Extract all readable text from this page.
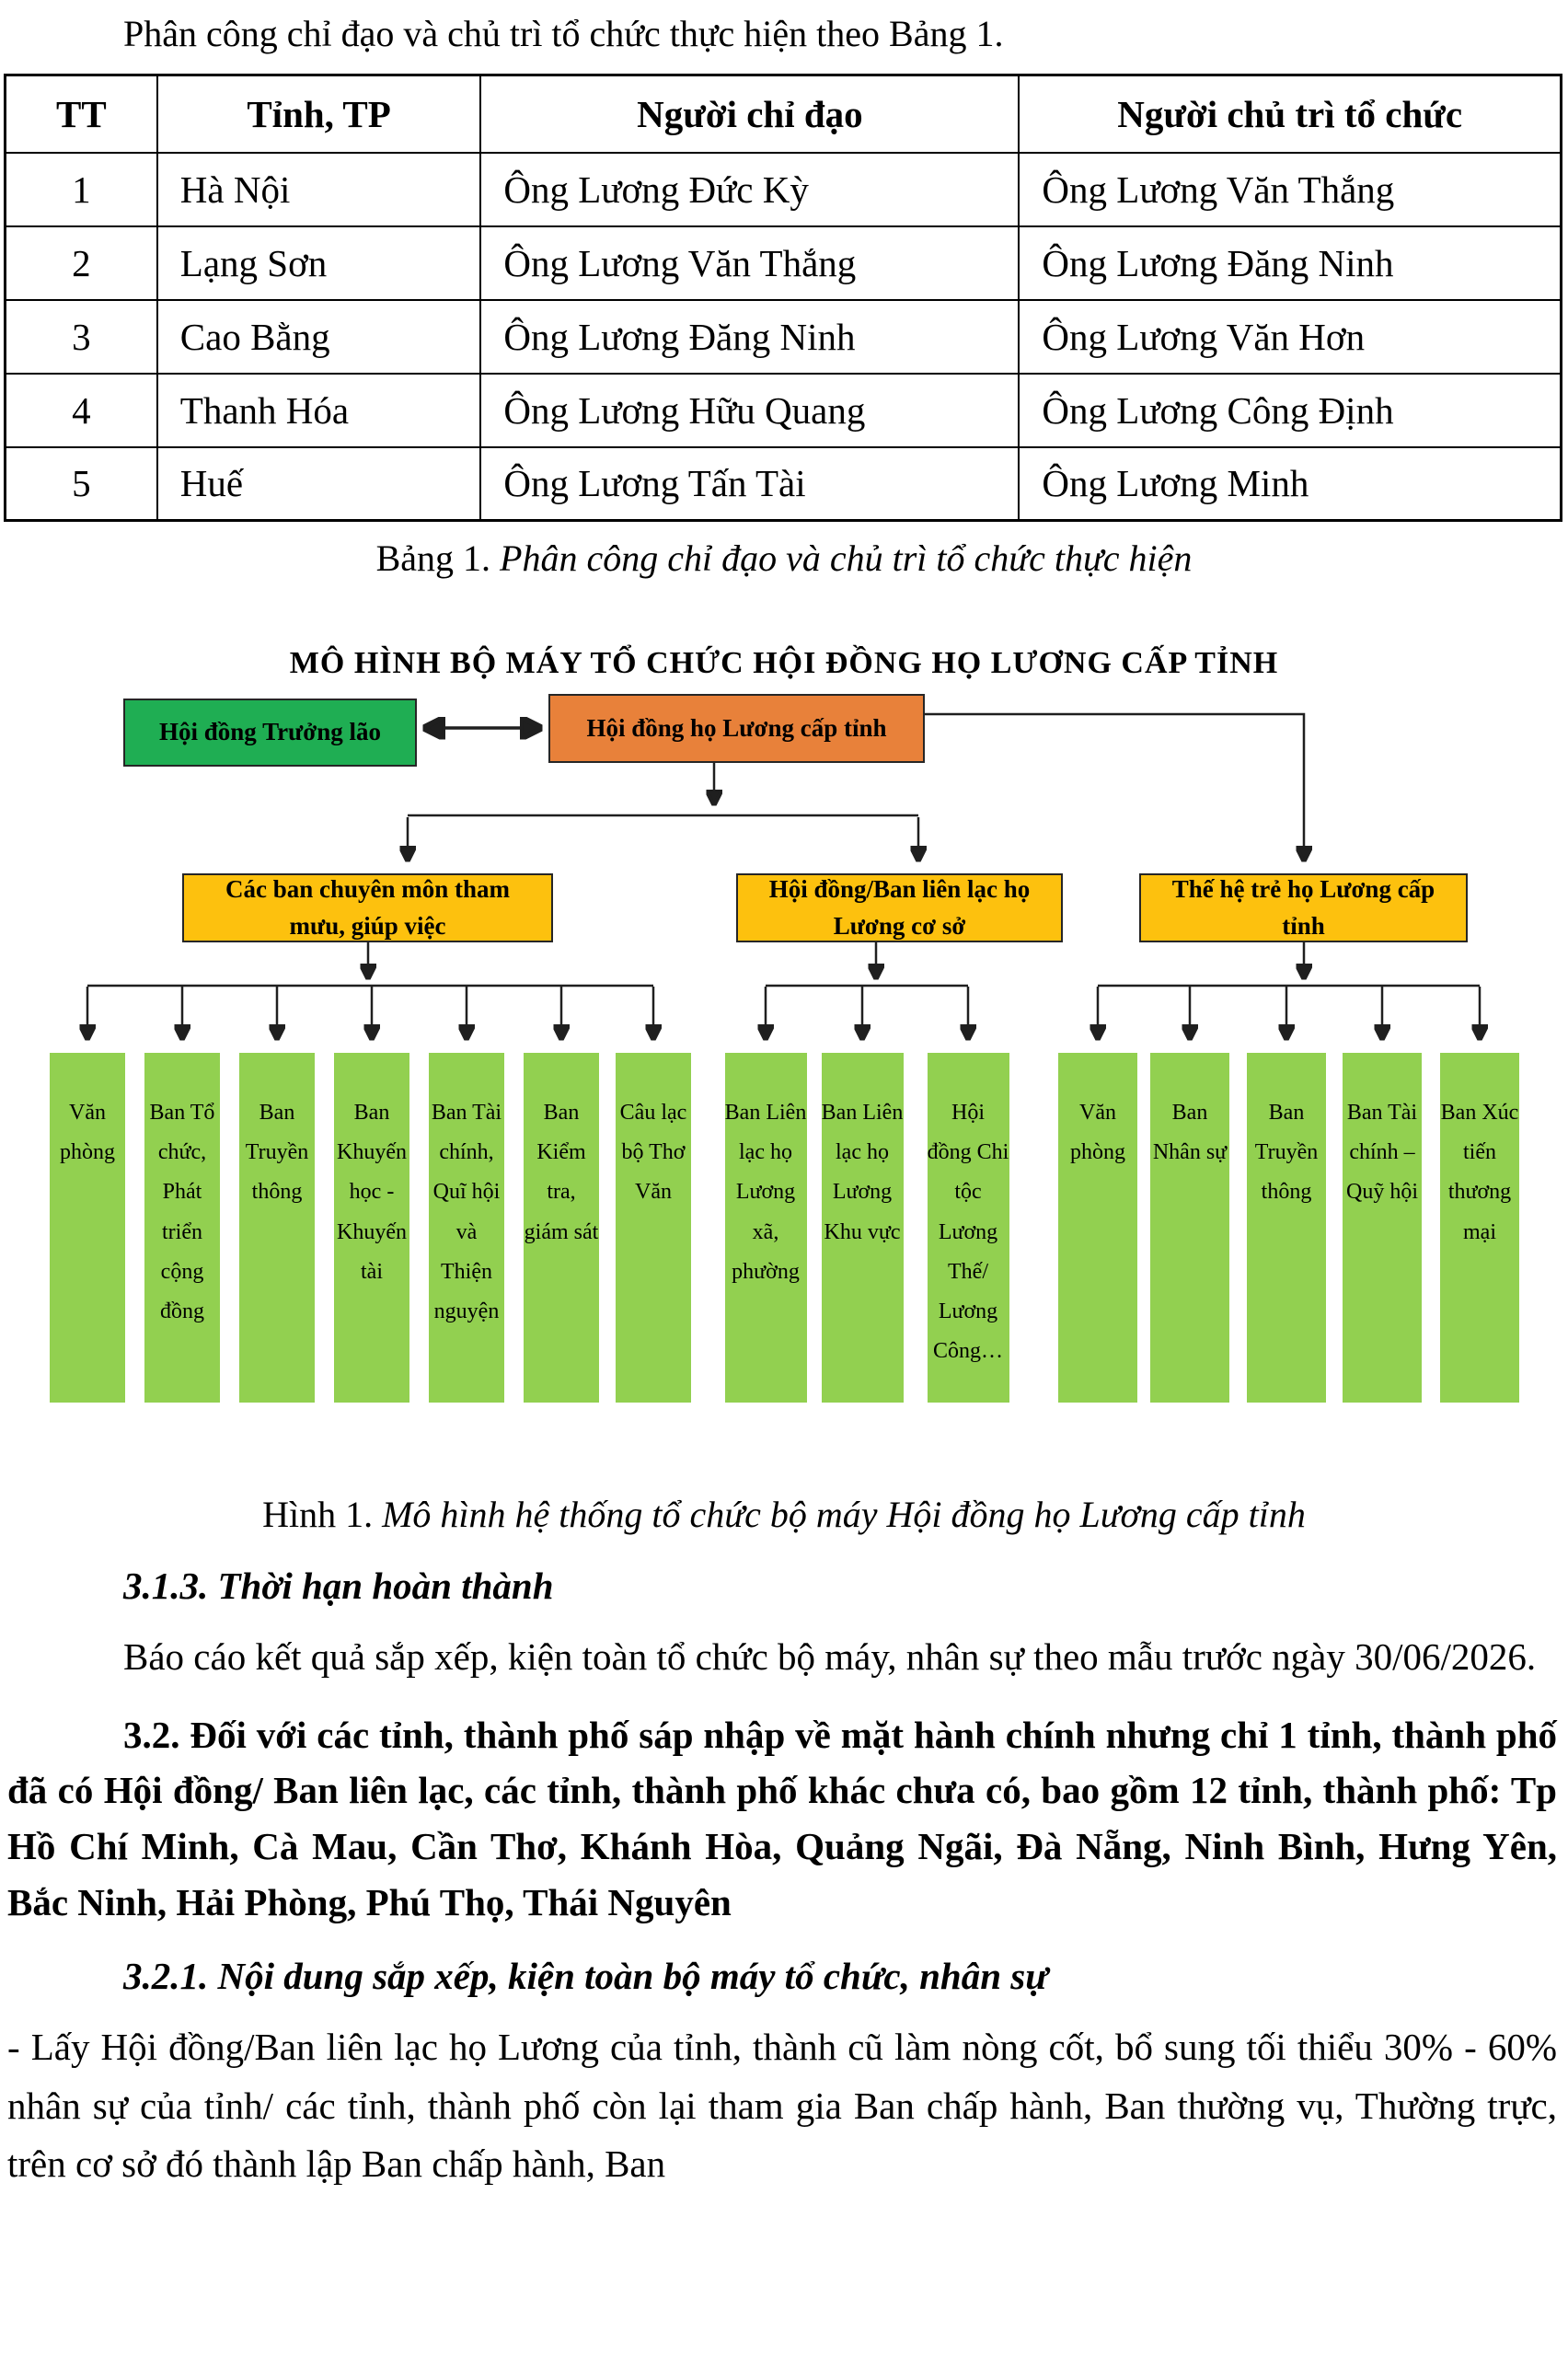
Phân công chỉ đạo và chủ trì tổ chức thực hiện theo Bảng 1.

TT	Tỉnh, TP	Người chỉ đạo	Người chủ trì tổ chức
1	Hà Nội	Ông Lương Đức Kỳ	Ông Lương Văn Thắng
2	Lạng Sơn	Ông Lương Văn Thắng	Ông Lương Đăng Ninh
3	Cao Bằng	Ông Lương Đăng Ninh	Ông Lương Văn Hơn
4	Thanh Hóa	Ông Lương Hữu Quang	Ông Lương Công Định
5	Huế	Ông Lương Tấn Tài	Ông Lương Minh

Bảng 1. Phân công chỉ đạo và chủ trì tổ chức thực hiện

MÔ HÌNH BỘ MÁY TỔ CHỨC HỘI ĐỒNG HỌ LƯƠNG CẤP TỈNH
Hội đồng Trưởng lão	Hội đồng họ Lương cấp tỉnh
Các ban chuyên môn tham mưu, giúp việc
Hội đồng/Ban liên lạc họ Lương cơ sở
Thế hệ trẻ họ Lương cấp tỉnh
Văn phòng
Ban Tổ chức, Phát triển cộng đồng
Ban Truyền thông
Ban Khuyến học - Khuyến tài
Ban Tài chính, Quĩ hội và Thiện nguyện
Ban Kiểm tra, giám sát
Câu lạc bộ Thơ Văn
Ban Liên lạc họ Lương xã, phường
Ban Liên lạc họ Lương Khu vực
Hội đồng Chi tộc Lương Thế/ Lương Công…
Văn phòng
Ban Nhân sự
Ban Truyền thông
Ban Tài chính – Quỹ hội
Ban Xúc tiến thương mại

Hình 1. Mô hình hệ thống tổ chức bộ máy Hội đồng họ Lương cấp tỉnh

3.1.3. Thời hạn hoàn thành

Báo cáo kết quả sắp xếp, kiện toàn tổ chức bộ máy, nhân sự theo mẫu trước ngày 30/06/2026.

3.2. Đối với các tỉnh, thành phố sáp nhập về mặt hành chính nhưng chỉ 1 tỉnh, thành phố đã có Hội đồng/ Ban liên lạc, các tỉnh, thành phố khác chưa có, bao gồm 12 tỉnh, thành phố: Tp Hồ Chí Minh, Cà Mau, Cần Thơ, Khánh Hòa, Quảng Ngãi, Đà Nẵng, Ninh Bình, Hưng Yên, Bắc Ninh, Hải Phòng, Phú Thọ, Thái Nguyên

3.2.1. Nội dung sắp xếp, kiện toàn bộ máy tổ chức, nhân sự

- Lấy Hội đồng/Ban liên lạc họ Lương của tỉnh, thành cũ làm nòng cốt, bổ sung tối thiểu 30% - 60% nhân sự của tỉnh/ các tỉnh, thành phố còn lại tham gia Ban chấp hành, Ban thường vụ, Thường trực, trên cơ sở đó thành lập Ban chấp hành, Ban
